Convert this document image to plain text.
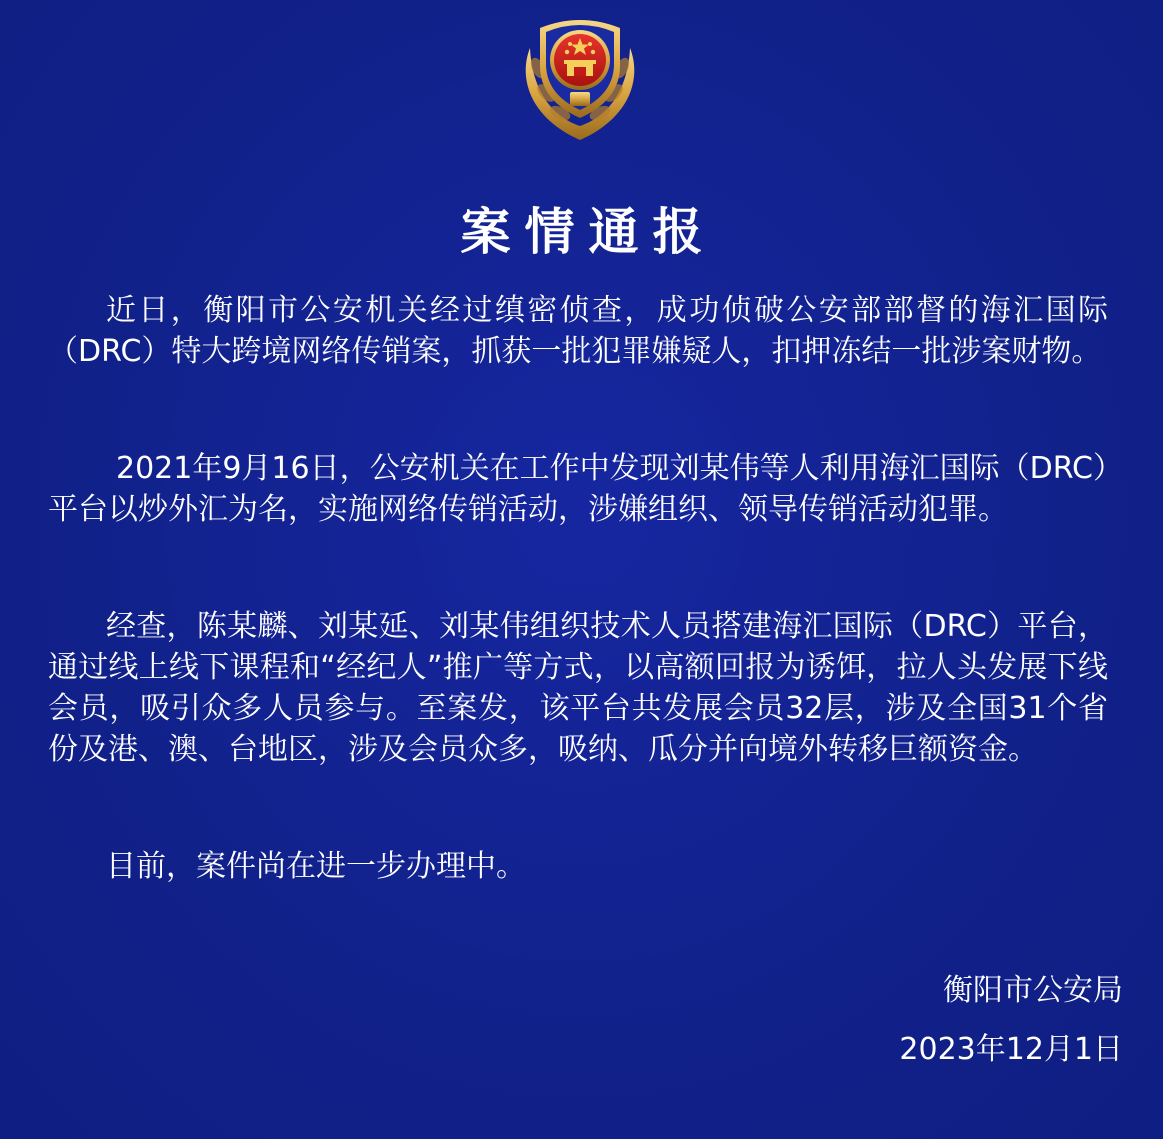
案情通报

近日，衡阳市公安机关经过缜密侦查，成功侦破公安部部督的海汇国际（DRC）特大跨境网络传销案，抓获一批犯罪嫌疑人，扣押冻结一批涉案财物。

2021年9月16日，公安机关在工作中发现刘某伟等人利用海汇国际（DRC）平台以炒外汇为名，实施网络传销活动，涉嫌组织、领导传销活动犯罪。

经查，陈某麟、刘某延、刘某伟组织技术人员搭建海汇国际（DRC）平台，通过线上线下课程和“经纪人”推广等方式，以高额回报为诱饵，拉人头发展下线会员，吸引众多人员参与。至案发，该平台共发展会员32层，涉及全国31个省份及港、澳、台地区，涉及会员众多，吸纳、瓜分并向境外转移巨额资金。

目前，案件尚在进一步办理中。

衡阳市公安局
2023年12月1日
